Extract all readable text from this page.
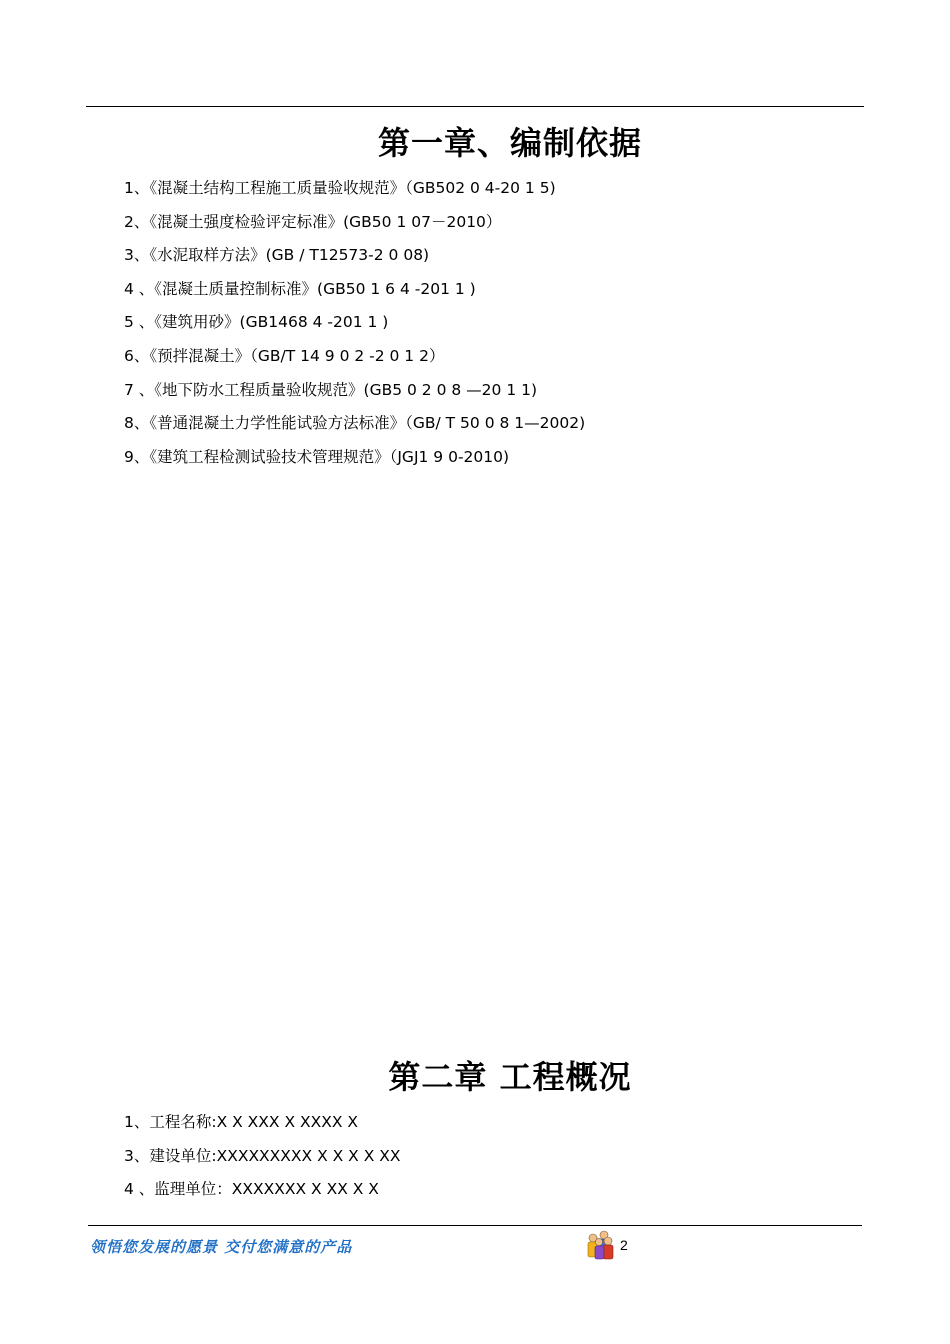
第一章、编制依据
1、《混凝土结构工程施工质量验收规范》（GB502 0 4-20 1 5)
2、《混凝土强度检验评定标准》(GB50 1 07－2010）
3、《水泥取样方法》(GB / T12573-2 0 08)
4 、《混凝土质量控制标准》(GB50 1 6 4 -201 1 )
5 、《建筑用砂》(GB1468 4 -201 1 )
6、《预拌混凝土》（GB/T 14 9 0 2 -2 0 1 2）
7 、《地下防水工程质量验收规范》(GB5 0 2 0 8 —20 1 1)
8、《普通混凝土力学性能试验方法标准》（GB/ T 50 0 8 1—2002)
9、《建筑工程检测试验技术管理规范》（JGJ1 9 0-2010)
第二章 工程概况
1、工程名称:X X XXX X XXXX X
3、建设单位:XXXXXXXXX X X X X XX
4 、监理单位：XXXXXXX X XX X X
领悟您发展的愿景 交付您满意的产品	2
